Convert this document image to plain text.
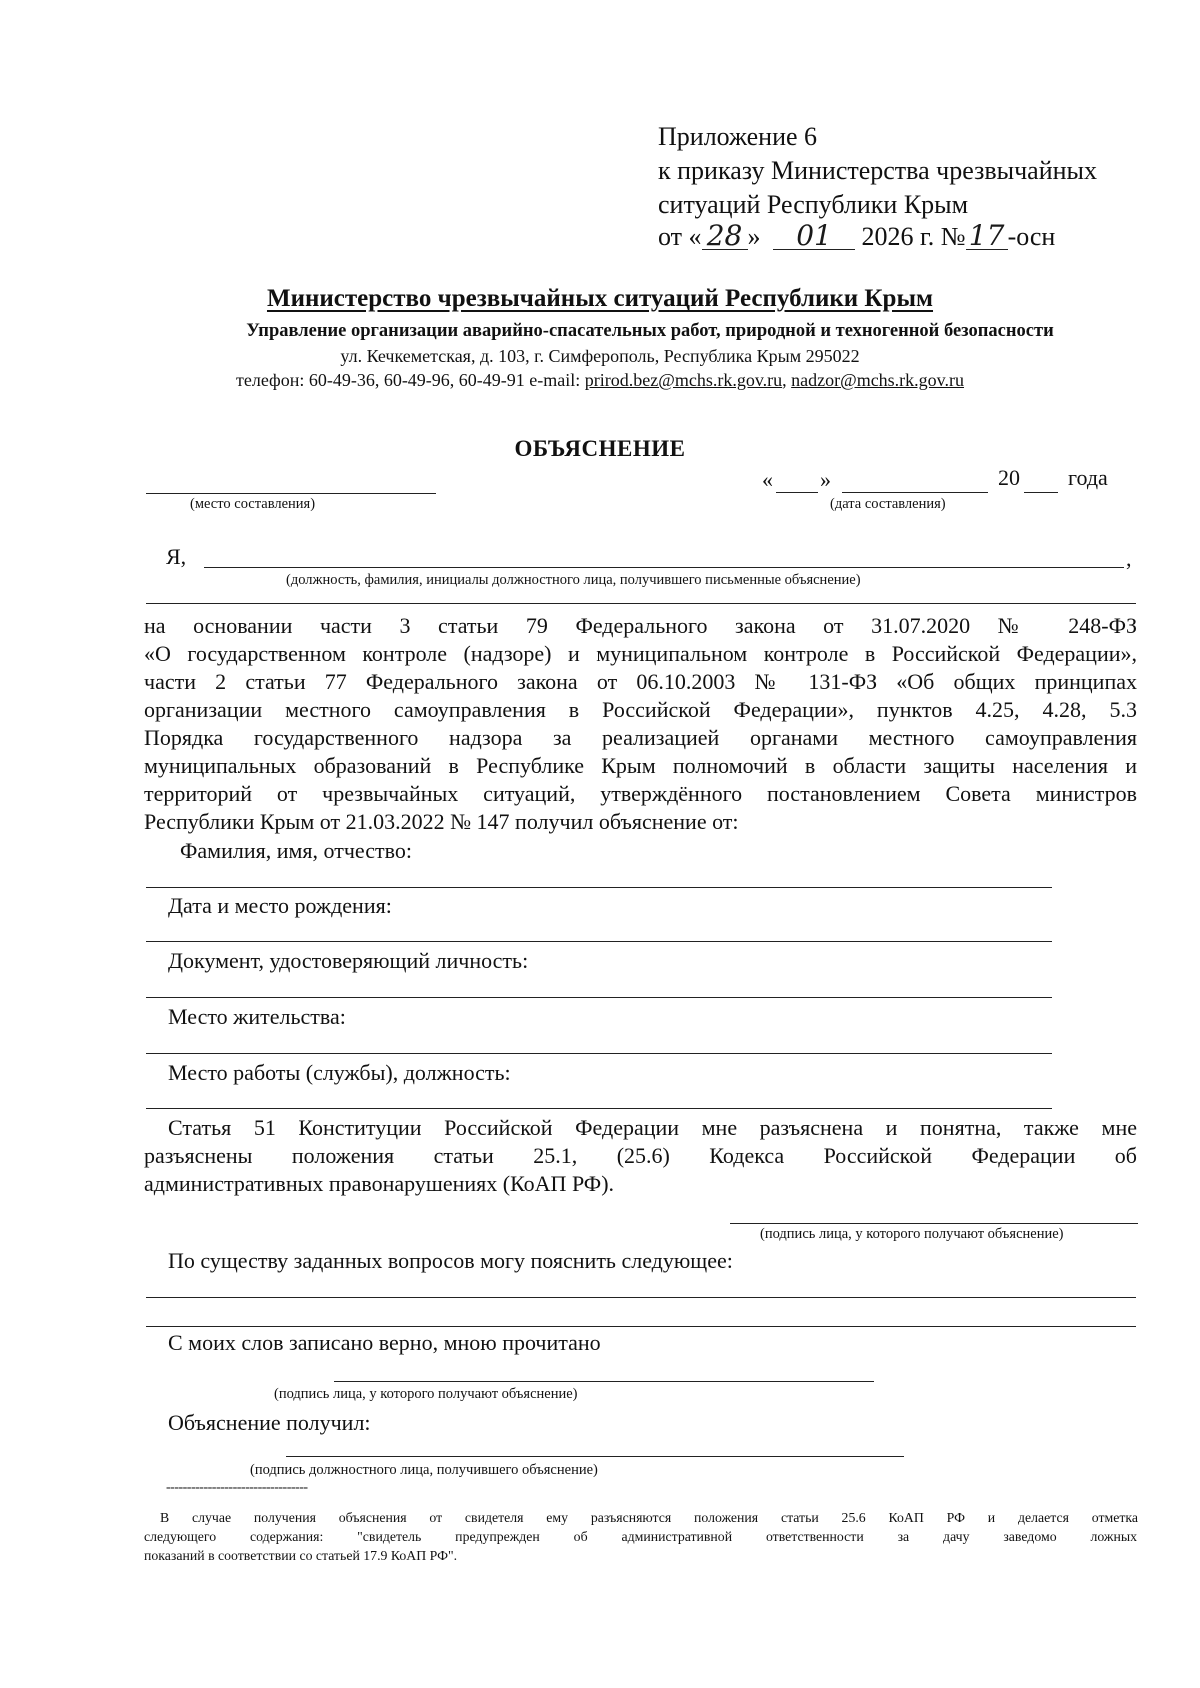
Приложение 6
к приказу Министерства чрезвычайных
ситуаций Республики Крым
от « 28 » 01 2026 г. № 17 -осн
Министерство чрезвычайных ситуаций Республики Крым
Управление организации аварийно-спасательных работ, природной и техногенной безопасности
ул. Кечкеметская, д. 103, г. Симферополь, Республика Крым 295022
телефон: 60-49-36, 60-49-96, 60-49-91 e-mail: prirod.bez@mchs.rk.gov.ru, nadzor@mchs.rk.gov.ru
ОБЪЯСНЕНИЕ
(место составления)
« »	20 года
(дата составления)
Я,	,
(должность, фамилия, инициалы должностного лица, получившего письменные объяснение)
на основании части 3 статьи 79 Федерального закона от 31.07.2020 № 248-ФЗ
«О государственном контроле (надзоре) и муниципальном контроле в Российской Федерации»,
части 2 статьи 77 Федерального закона от 06.10.2003 № 131-ФЗ «Об общих принципах
организации местного самоуправления в Российской Федерации», пунктов 4.25, 4.28, 5.3
Порядка государственного надзора за реализацией органами местного самоуправления
муниципальных образований в Республике Крым полномочий в области защиты населения и
территорий от чрезвычайных ситуаций, утверждённого постановлением Совета министров
Республики Крым от 21.03.2022 № 147 получил объяснение от:
Фамилия, имя, отчество:
Дата и место рождения:
Документ, удостоверяющий личность:
Место жительства:
Место работы (службы), должность:
Статья 51 Конституции Российской Федерации мне разъяснена и понятна, также мне
разъяснены положения статьи 25.1, (25.6) Кодекса Российской Федерации об
административных правонарушениях (КоАП РФ).
(подпись лица, у которого получают объяснение)
По существу заданных вопросов могу пояснить следующее:
С моих слов записано верно, мною прочитано
(подпись лица, у которого получают объяснение)
Объяснение получил:
(подпись должностного лица, получившего объяснение)
----------------------------------
В случае получения объяснения от свидетеля ему разъясняются положения статьи 25.6 КоАП РФ и делается отметка
следующего содержания: "свидетель предупрежден об административной ответственности за дачу заведомо ложных
показаний в соответствии со статьей 17.9 КоАП РФ".
